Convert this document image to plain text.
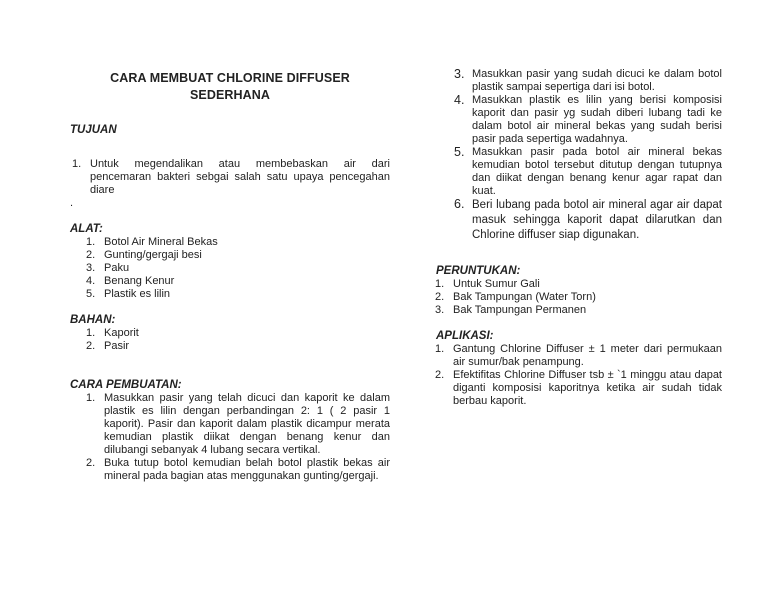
CARA MEMBUAT CHLORINE DIFFUSER
SEDERHANA

TUJUAN

1. Untuk megendalikan atau membebaskan air dari pencemaran bakteri sebgai salah satu upaya pencegahan diare

.

ALAT:

1. Botol Air Mineral Bekas
2. Gunting/gergaji besi
3. Paku
4. Benang Kenur
5. Plastik es lilin

BAHAN:

1. Kaporit
2. Pasir

CARA PEMBUATAN:

1. Masukkan pasir yang telah dicuci dan kaporit ke dalam plastik es lilin dengan perbandingan 2: 1 ( 2 pasir 1 kaporit). Pasir dan kaporit dalam plastik dicampur merata kemudian plastik diikat dengan benang kenur dan dilubangi sebanyak 4 lubang secara vertikal.
2. Buka tutup botol kemudian belah botol plastik bekas air mineral pada bagian atas menggunakan gunting/gergaji.
3. Masukkan pasir yang sudah dicuci ke dalam botol plastik sampai sepertiga dari isi botol.
4. Masukkan plastik es lilin yang berisi komposisi kaporit dan pasir yg sudah diberi lubang tadi ke dalam botol air mineral bekas yang sudah berisi pasir pada sepertiga wadahnya.
5. Masukkan pasir pada botol air mineral bekas kemudian botol tersebut ditutup dengan tutupnya dan diikat dengan benang kenur agar rapat dan kuat.
6. Beri lubang pada botol air mineral agar air dapat masuk sehingga kaporit dapat dilarutkan dan Chlorine diffuser siap digunakan.

PERUNTUKAN:

1. Untuk Sumur Gali
2. Bak Tampungan (Water Torn)
3. Bak Tampungan Permanen

APLIKASI:

1. Gantung Chlorine Diffuser ± 1 meter dari permukaan air sumur/bak penampung.
2. Efektifitas Chlorine Diffuser tsb ± `1 minggu atau dapat diganti komposisi kaporitnya ketika air sudah tidak berbau kaporit.
